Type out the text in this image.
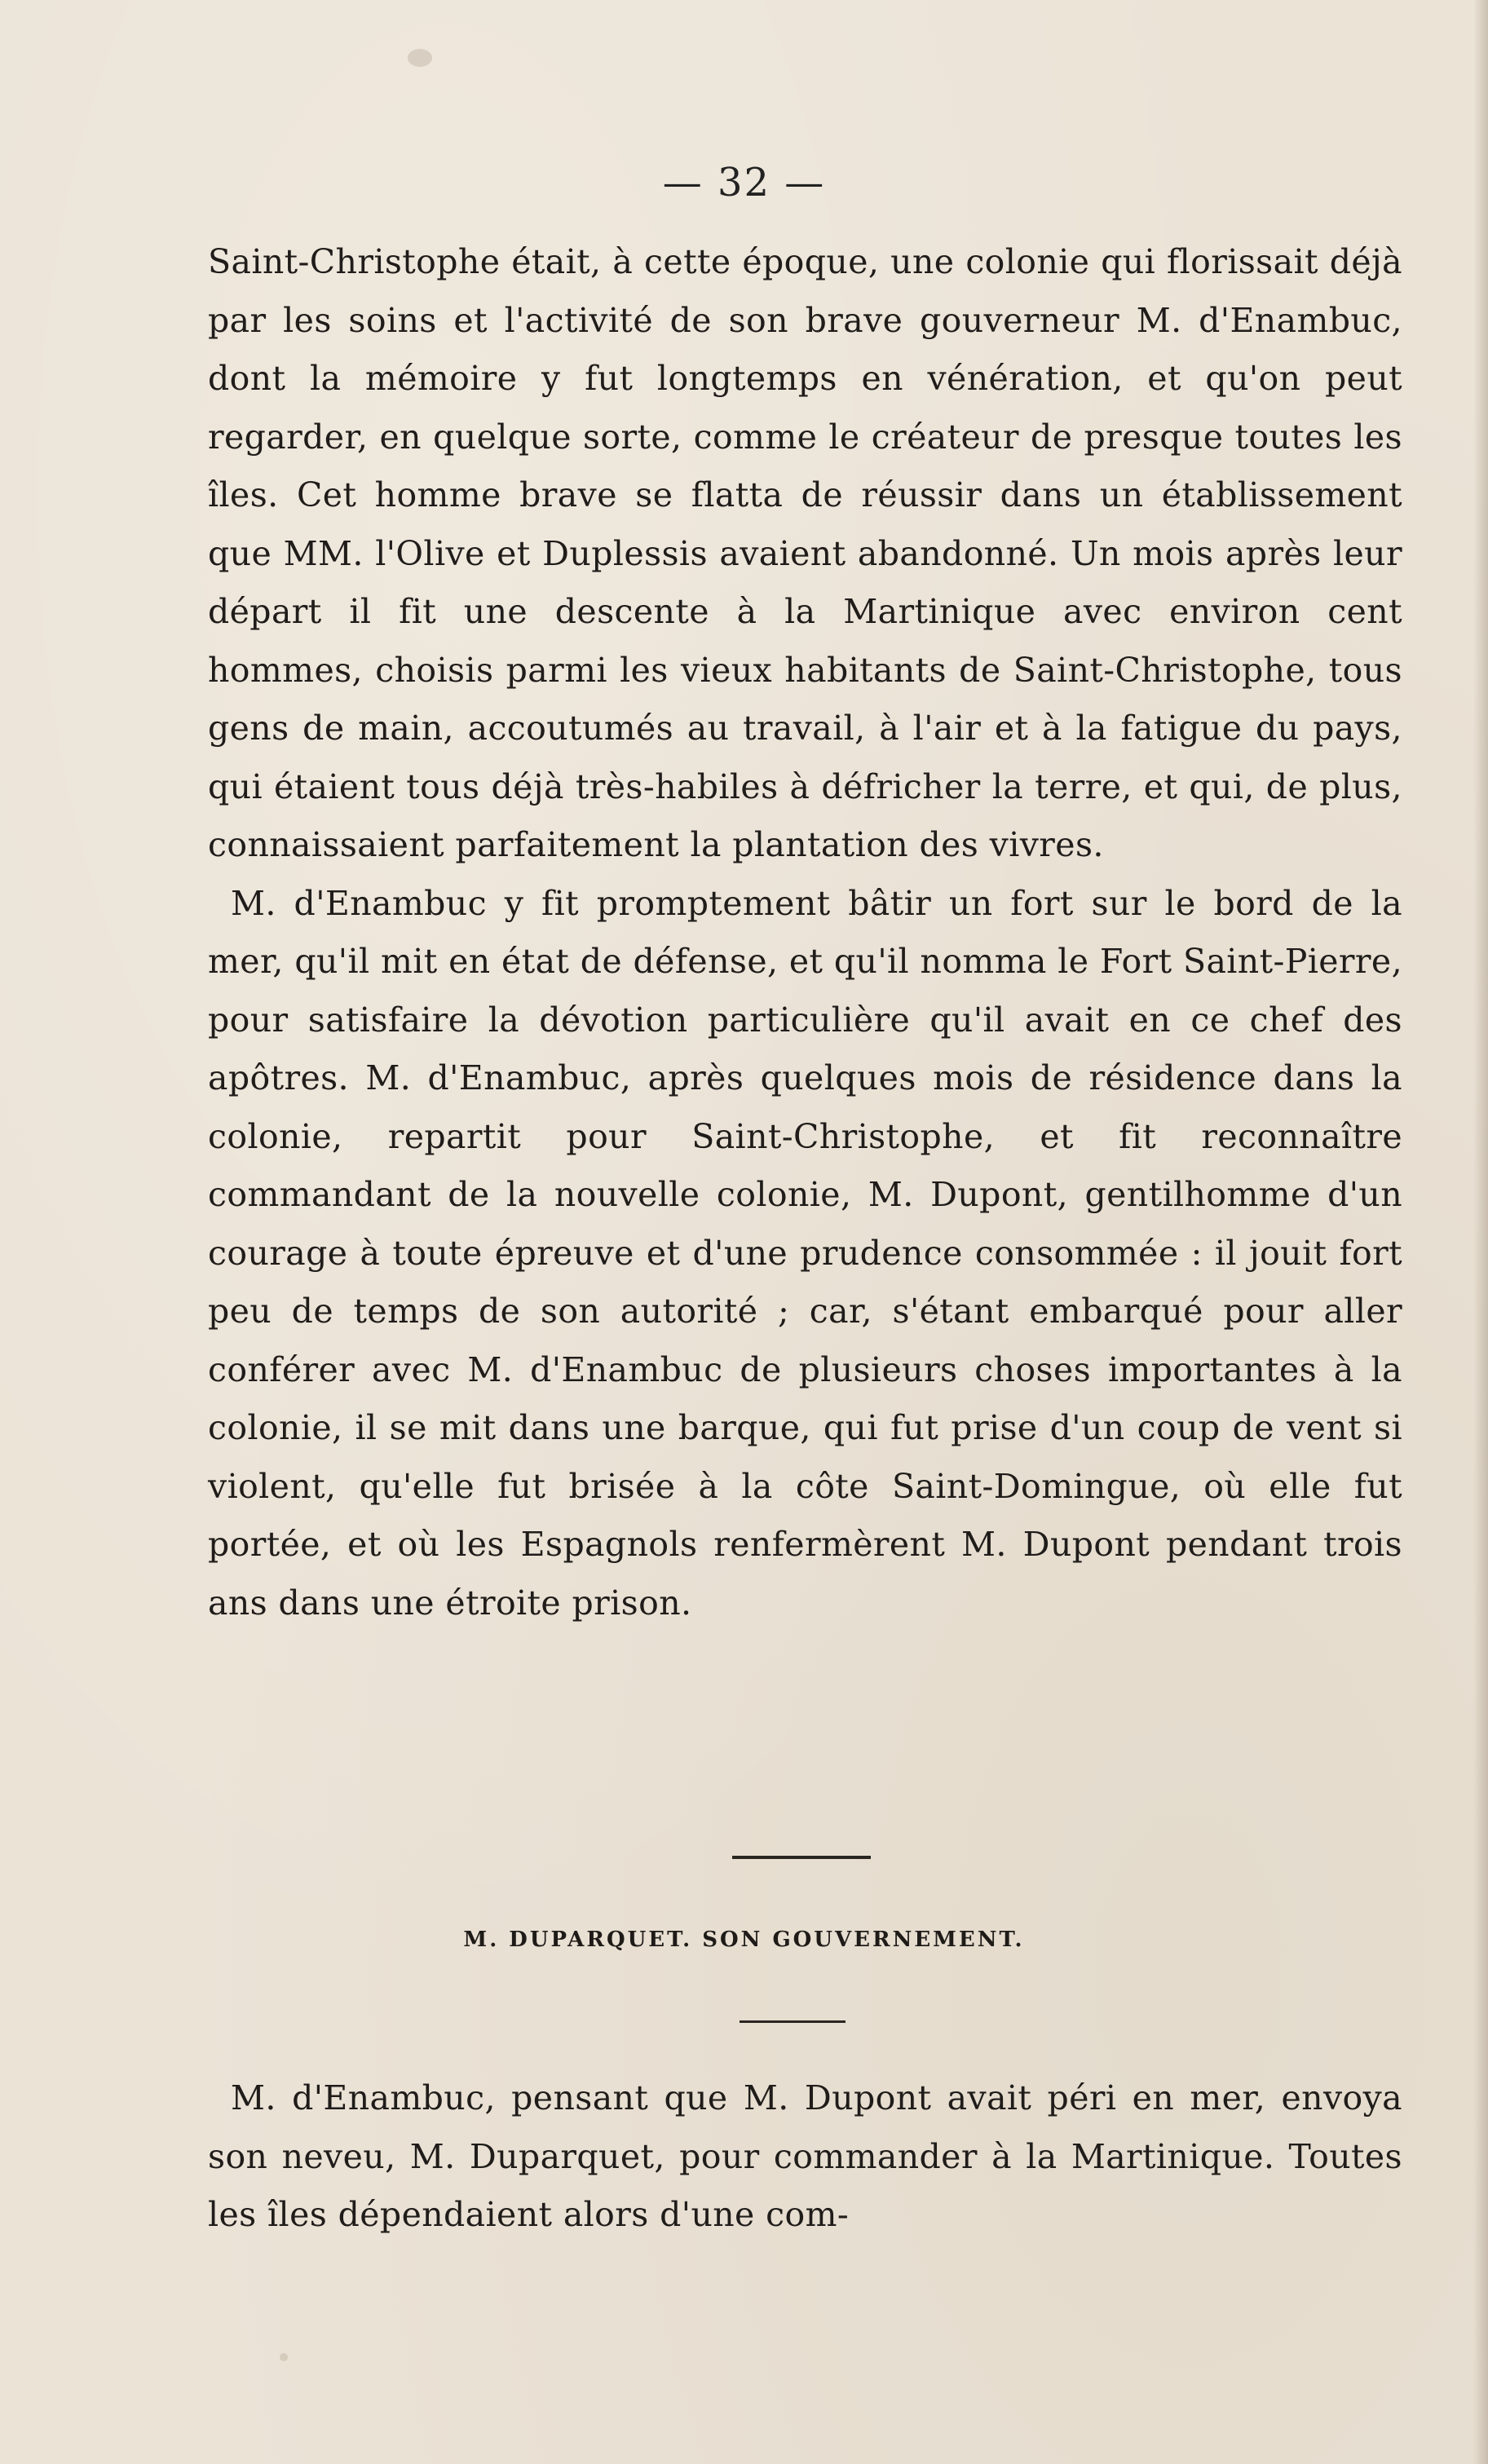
— 32 —

Saint-Christophe était, à cette époque, une colonie qui florissait déjà par les soins et l'activité de son brave gouverneur M. d'Enambuc, dont la mémoire y fut longtemps en vénération, et qu'on peut regarder, en quelque sorte, comme le créateur de presque toutes les îles. Cet homme brave se flatta de réussir dans un établissement que MM. l'Olive et Duplessis avaient abandonné. Un mois après leur départ il fit une descente à la Martinique avec environ cent hommes, choisis parmi les vieux habitants de Saint-Christophe, tous gens de main, accoutumés au travail, à l'air et à la fatigue du pays, qui étaient tous déjà très-habiles à défricher la terre, et qui, de plus, connaissaient parfaitement la plantation des vivres.

M. d'Enambuc y fit promptement bâtir un fort sur le bord de la mer, qu'il mit en état de défense, et qu'il nomma le Fort Saint-Pierre, pour satisfaire la dévotion particulière qu'il avait en ce chef des apôtres. M. d'Enambuc, après quelques mois de résidence dans la colonie, repartit pour Saint-Christophe, et fit reconnaître commandant de la nouvelle colonie, M. Dupont, gentilhomme d'un courage à toute épreuve et d'une prudence consommée : il jouit fort peu de temps de son autorité ; car, s'étant embarqué pour aller conférer avec M. d'Enambuc de plusieurs choses importantes à la colonie, il se mit dans une barque, qui fut prise d'un coup de vent si violent, qu'elle fut brisée à la côte Saint-Domingue, où elle fut portée, et où les Espagnols renfermèrent M. Dupont pendant trois ans dans une étroite prison.

M. DUPARQUET. SON GOUVERNEMENT.

M. d'Enambuc, pensant que M. Dupont avait péri en mer, envoya son neveu, M. Duparquet, pour commander à la Martinique. Toutes les îles dépendaient alors d'une com-
